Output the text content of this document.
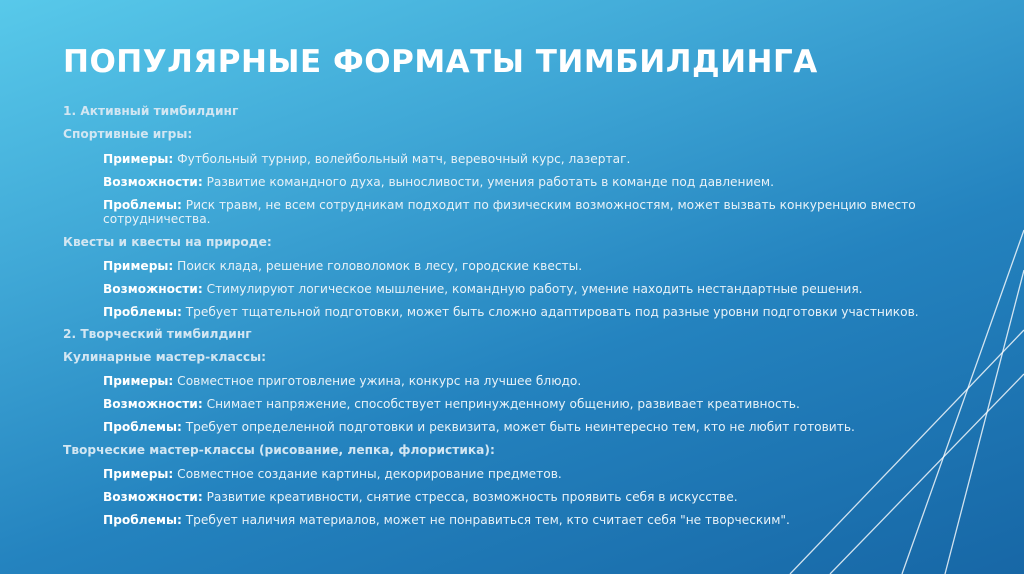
ПОПУЛЯРНЫЕ ФОРМАТЫ ТИМБИЛДИНГА
1. Активный тимбилдинг
Спортивные игры:
Примеры: Футбольный турнир, волейбольный матч, веревочный курс, лазертаг.
Возможности: Развитие командного духа, выносливости, умения работать в команде под давлением.
Проблемы: Риск травм, не всем сотрудникам подходит по физическим возможностям, может вызвать конкуренцию вместо сотрудничества.
Квесты и квесты на природе:
Примеры: Поиск клада, решение головоломок в лесу, городские квесты.
Возможности: Стимулируют логическое мышление, командную работу, умение находить нестандартные решения.
Проблемы: Требует тщательной подготовки, может быть сложно адаптировать под разные уровни подготовки участников.
2. Творческий тимбилдинг
Кулинарные мастер-классы:
Примеры: Совместное приготовление ужина, конкурс на лучшее блюдо.
Возможности: Снимает напряжение, способствует непринужденному общению, развивает креативность.
Проблемы: Требует определенной подготовки и реквизита, может быть неинтересно тем, кто не любит готовить.
Творческие мастер-классы (рисование, лепка, флористика):
Примеры: Совместное создание картины, декорирование предметов.
Возможности: Развитие креативности, снятие стресса, возможность проявить себя в искусстве.
Проблемы: Требует наличия материалов, может не понравиться тем, кто считает себя "не творческим".
